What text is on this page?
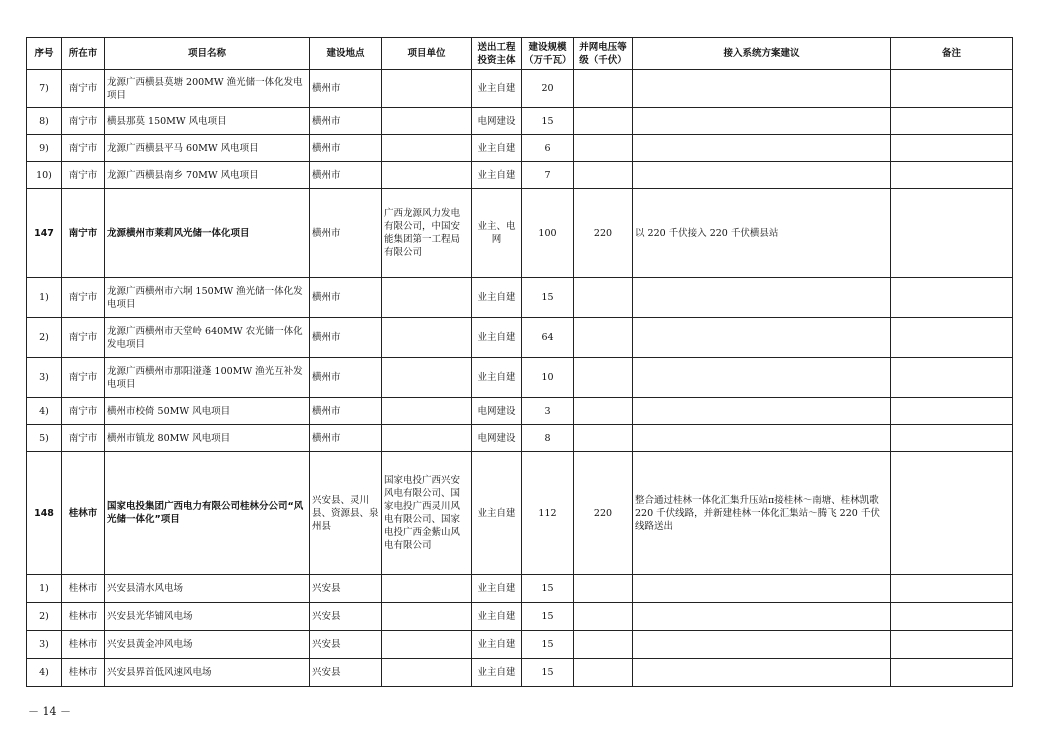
序号	所在市	项目名称	建设地点	项目单位	送出工程投资主体	建设规模（万千瓦）	并网电压等级（千伏）	接入系统方案建议	备注
7)	南宁市	龙源广西横县莫塘 200MW 渔光储一体化发电项目	横州市		业主自建	20			
8)	南宁市	横县那莫 150MW 风电项目	横州市		电网建设	15			
9)	南宁市	龙源广西横县平马 60MW 风电项目	横州市		业主自建	6			
10)	南宁市	龙源广西横县南乡 70MW 风电项目	横州市		业主自建	7			
147	南宁市	龙源横州市莱莉风光储一体化项目	横州市	广西龙源风力发电有限公司，中国安能集团第一工程局有限公司	业主、电网	100	220	以 220 千伏接入 220 千伏横县站	
1)	南宁市	龙源广西横州市六垌 150MW 渔光储一体化发电项目	横州市		业主自建	15			
2)	南宁市	龙源广西横州市天堂岭 640MW 农光储一体化发电项目	横州市		业主自建	64			
3)	南宁市	龙源广西横州市那阳湴蓬 100MW 渔光互补发电项目	横州市		业主自建	10			
4)	南宁市	横州市校倚 50MW 风电项目	横州市		电网建设	3			
5)	南宁市	横州市镇龙 80MW 风电项目	横州市		电网建设	8			
148	桂林市	国家电投集团广西电力有限公司桂林分公司“风光储一体化”项目	兴安县、灵川县、资源县、泉州县	国家电投广西兴安风电有限公司、国家电投广西灵川风电有限公司、国家电投广西金紫山风电有限公司	业主自建	112	220	整合通过桂林一体化汇集升压站π接桂林～南塘、桂林凯歌 220 千伏线路，并新建桂林一体化汇集站～腾飞 220 千伏线路送出	
1)	桂林市	兴安县清水风电场	兴安县		业主自建	15			
2)	桂林市	兴安县光华铺风电场	兴安县		业主自建	15			
3)	桂林市	兴安县黄金冲风电场	兴安县		业主自建	15			
4)	桂林市	兴安县界首低风速风电场	兴安县		业主自建	15			
－ 14 －
